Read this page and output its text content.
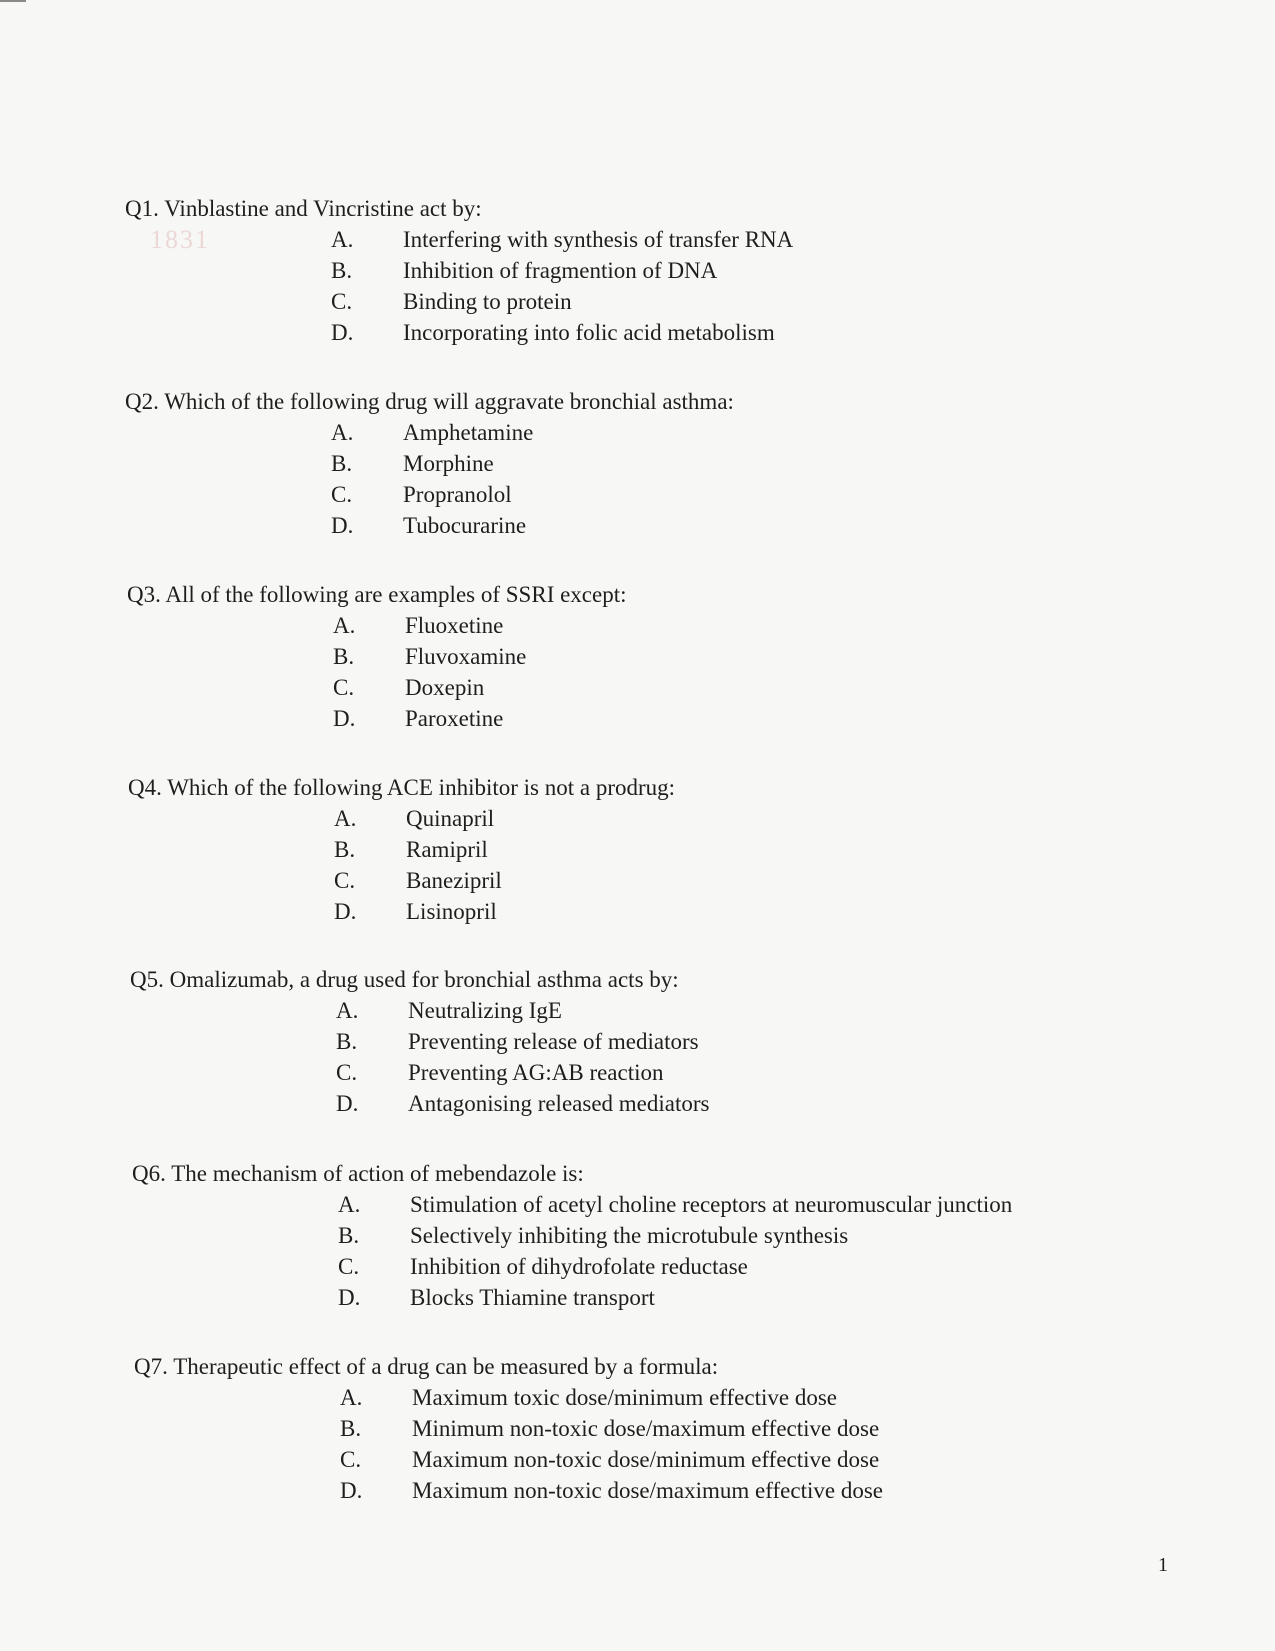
1831

Q1. Vinblastine and Vincristine act by:

A. Interfering with synthesis of transfer RNA
B. Inhibition of fragmention of DNA
C. Binding to protein
D. Incorporating into folic acid metabolism

Q2. Which of the following drug will aggravate bronchial asthma:

A. Amphetamine
B. Morphine
C. Propranolol
D. Tubocurarine

Q3. All of the following are examples of SSRI except:

A. Fluoxetine
B. Fluvoxamine
C. Doxepin
D. Paroxetine

Q4. Which of the following ACE inhibitor is not a prodrug:

A. Quinapril
B. Ramipril
C. Banezipril
D. Lisinopril

Q5. Omalizumab, a drug used for bronchial asthma acts by:

A. Neutralizing IgE
B. Preventing release of mediators
C. Preventing AG:AB reaction
D. Antagonising released mediators

Q6. The mechanism of action of mebendazole is:

A. Stimulation of acetyl choline receptors at neuromuscular junction
B. Selectively inhibiting the microtubule synthesis
C. Inhibition of dihydrofolate reductase
D. Blocks Thiamine transport

Q7. Therapeutic effect of a drug can be measured by a formula:

A. Maximum toxic dose/minimum effective dose
B. Minimum non-toxic dose/maximum effective dose
C. Maximum non-toxic dose/minimum effective dose
D. Maximum non-toxic dose/maximum effective dose
1
